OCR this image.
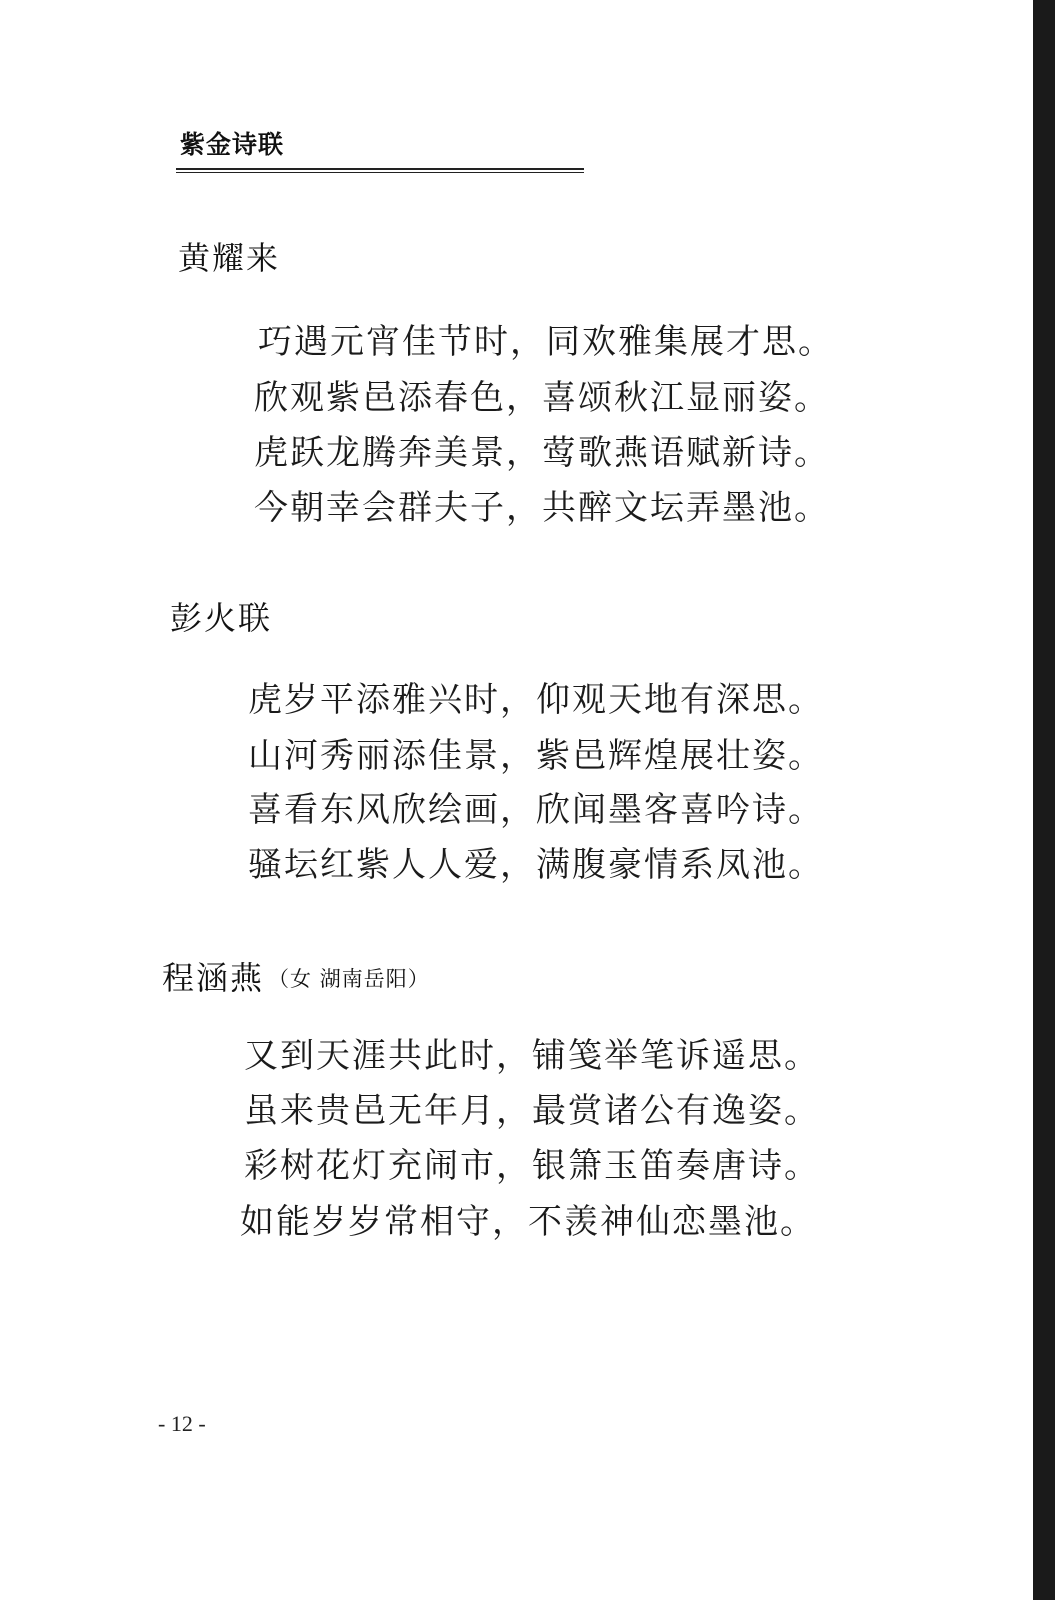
紫金诗联
黄耀来
巧遇元宵佳节时，同欢雅集展才思。
欣观紫邑添春色，喜颂秋江显丽姿。
虎跃龙腾奔美景，莺歌燕语赋新诗。
今朝幸会群夫子，共醉文坛弄墨池。
彭火联
虎岁平添雅兴时，仰观天地有深思。
山河秀丽添佳景，紫邑辉煌展壮姿。
喜看东风欣绘画，欣闻墨客喜吟诗。
骚坛红紫人人爱，满腹豪情系凤池。
程涵燕 （女 湖南岳阳）
又到天涯共此时，铺笺举笔诉遥思。
虽来贵邑无年月，最赏诸公有逸姿。
彩树花灯充闹市，银箫玉笛奏唐诗。
如能岁岁常相守，不羡神仙恋墨池。
- 12 -
